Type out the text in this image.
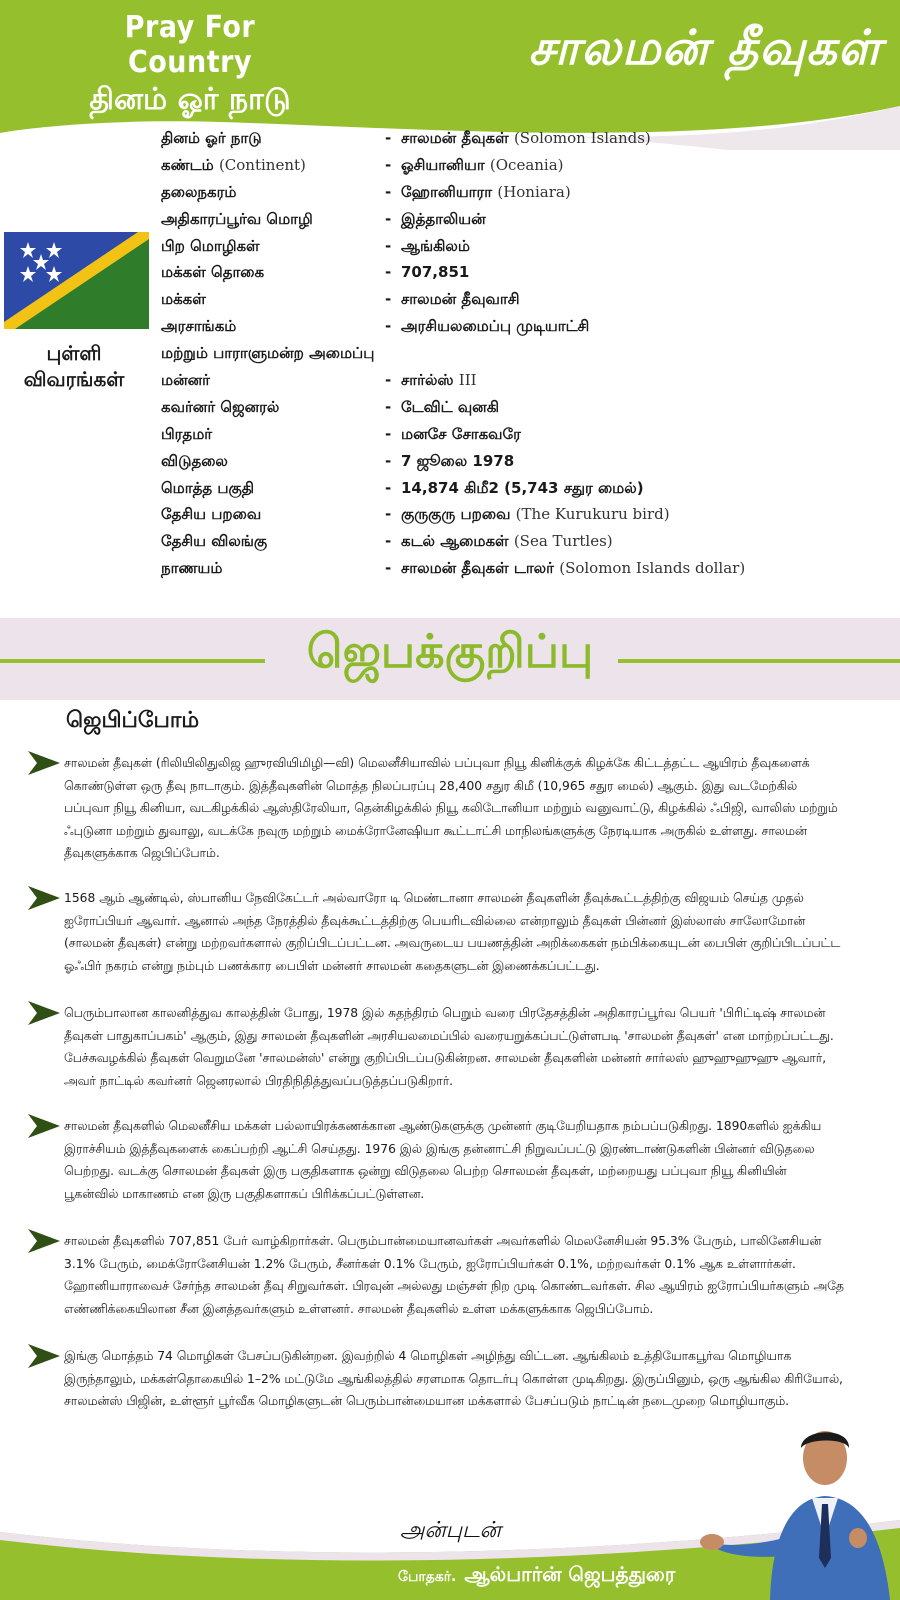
Pray For Country
தினம் ஓர் நாடு
சாலமன் தீவுகள்
புள்ளி
விவரங்கள்
தினம் ஓர் நாடு	- சாலமன் தீவுகள் (Solomon Islands)
கண்டம் (Continent)	- ஓசியானியா (Oceania)
தலைநகரம்	- ஹோனியாரா (Honiara)
அதிகாரப்பூர்வ மொழி	- இத்தாலியன்
பிற மொழிகள்	- ஆங்கிலம்
மக்கள் தொகை	- 707,851
மக்கள்	- சாலமன் தீவுவாசி
அரசாங்கம்	- அரசியலமைப்பு முடியாட்சி
மற்றும் பாராளுமன்ற அமைப்பு
மன்னர்	- சார்ல்ஸ் III
கவர்னர் ஜெனரல்	- டேவிட் வுனகி
பிரதமர்	- மனசே சோகவரே
விடுதலை	- 7 ஜூலை 1978
மொத்த பகுதி	- 14,874 கிமீ2 (5,743 சதுர மைல்)
தேசிய பறவை	- குருகுரு பறவை (The Kurukuru bird)
தேசிய விலங்கு	- கடல் ஆமைகள் (Sea Turtles)
நாணயம்	- சாலமன் தீவுகள் டாலர் (Solomon Islands dollar)
ஜெபக்குறிப்பு
ஜெபிப்போம்
சாலமன் தீவுகள் (ரிலியிலிதுலிஜ ஹுரவியிமிழி—வி) மெலனீசியாவில் பப்புவா நியூ கினிக்குக் கிழக்கே கிட்டத்தட்ட ஆயிரம் தீவுகளைக் கொண்டுள்ள ஒரு தீவு நாடாகும். இத்தீவுகளின் மொத்த நிலப்பரப்பு 28,400 சதுர கிமீ (10,965 சதுர மைல்) ஆகும். இது வடமேற்கில் பப்புவா நியூ கினியா, வடகிழக்கில் ஆஸ்திரேலியா, தென்கிழக்கில் நியூ கலிடோனியா மற்றும் வனுவாட்டு, கிழக்கில் ஃபிஜி, வாலிஸ் மற்றும் ஃபுடுனா மற்றும் துவாலு, வடக்கே நவுரு மற்றும் மைக்ரோனேஷியா கூட்டாட்சி மாநிலங்களுக்கு நேரடியாக அருகில் உள்ளது. சாலமன் தீவுகளுக்காக ஜெபிப்போம்.
1568 ஆம் ஆண்டில், ஸ்பானிய நேவிகேட்டர் அல்வாரோ டி மெண்டானா சாலமன் தீவுகளின் தீவுக்கூட்டத்திற்கு விஜயம் செய்த முதல் ஐரோப்பியர் ஆவார். ஆனால் அந்த நேரத்தில் தீவுக்கூட்டத்திற்கு பெயரிடவில்லை என்றாலும் தீவுகள் பின்னர் இஸ்லாஸ் சாலோமோன் (சாலமன் தீவுகள்) என்று மற்றவர்களால் குறிப்பிடப்பட்டன. அவருடைய பயணத்தின் அறிக்கைகள் நம்பிக்கையுடன் பைபிள் குறிப்பிடப்பட்ட ஓஃபிர் நகரம் என்று நம்பும் பணக்கார பைபிள் மன்னர் சாலமன் கதைகளுடன் இணைக்கப்பட்டது.
பெரும்பாலான காலனித்துவ காலத்தின் போது, 1978 இல் சுதந்திரம் பெறும் வரை பிரதேசத்தின் அதிகாரப்பூர்வ பெயர் 'பிரிட்டிஷ் சாலமன் தீவுகள் பாதுகாப்பகம்' ஆகும், இது சாலமன் தீவுகளின் அரசியலமைப்பில் வரையறுக்கப்பட்டுள்ளபடி 'சாலமன் தீவுகள்' என மாற்றப்பட்டது. பேச்சுவழக்கில் தீவுகள் வெறுமனே 'சாலமன்ஸ்' என்று குறிப்பிடப்படுகின்றன. சாலமன் தீவுகளின் மன்னர் சார்லஸ் ஹுஹுஹுஹு ஆவார், அவர் நாட்டில் கவர்னர் ஜெனரலால் பிரதிநிதித்துவப்படுத்தப்படுகிறார்.
சாலமன் தீவுகளில் மெலனீசிய மக்கள் பல்லாயிரக்கணக்கான ஆண்டுகளுக்கு முன்னர் குடியேறியதாக நம்பப்படுகிறது. 1890களில் ஐக்கிய இராச்சியம் இத்தீவுகளைக் கைப்பற்றி ஆட்சி செய்தது. 1976 இல் இங்கு தன்னாட்சி நிறுவப்பட்டு இரண்டாண்டுகளின் பின்னர் விடுதலை பெற்றது. வடக்கு சொலமன் தீவுகள் இரு பகுதிகளாக ஒன்று விடுதலை பெற்ற சொலமன் தீவுகள், மற்றையது பப்புவா நியூ கினியின் பூகன்வில் மாகாணம் என இரு பகுதிகளாகப் பிரிக்கப்பட்டுள்ளன.
சாலமன் தீவுகளில் 707,851 பேர் வாழ்கிறார்கள். பெரும்பான்மையானவர்கள் அவர்களில் மெலனேசியன் 95.3% பேரும், பாலினேசியன் 3.1% பேரும், மைக்ரோனேசியன் 1.2% பேரும், சீனர்கள் 0.1% பேரும், ஐரோப்பியர்கள் 0.1%, மற்றவர்கள் 0.1% ஆக உள்ளார்கள். ஹோனியாராவைச் சேர்ந்த சாலமன் தீவு சிறுவர்கள். பிரவுன் அல்லது மஞ்சள் நிற முடி கொண்டவர்கள். சில ஆயிரம் ஐரோப்பியர்களும் அதே எண்ணிக்கையிலான சீன இனத்தவர்களும் உள்ளனர். சாலமன் தீவுகளில் உள்ள மக்களுக்காக ஜெபிப்போம்.
இங்கு மொத்தம் 74 மொழிகள் பேசப்படுகின்றன. இவற்றில் 4 மொழிகள் அழிந்து விட்டன. ஆங்கிலம் உத்தியோகபூர்வ மொழியாக இருந்தாலும், மக்கள்தொகையில் 1–2% மட்டுமே ஆங்கிலத்தில் சரளமாக தொடர்பு கொள்ள முடிகிறது. இருப்பினும், ஒரு ஆங்கில கிரியோல், சாலமன்ஸ் பிஜின், உள்ளூர் பூர்வீக மொழிகளுடன் பெரும்பான்மையான மக்களால் பேசப்படும் நாட்டின் நடைமுறை மொழியாகும்.
அன்புடன்
போதகர். ஆல்பார்ன் ஜெபத்துரை
